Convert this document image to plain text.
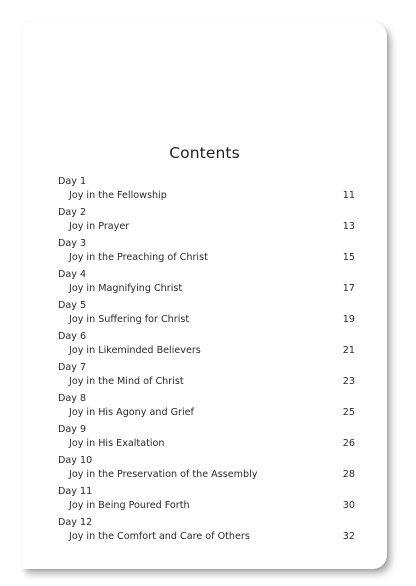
Contents
Day 1
Joy in the Fellowship	11
Day 2
Joy in Prayer	13
Day 3
Joy in the Preaching of Christ	15
Day 4
Joy in Magnifying Christ	17
Day 5
Joy in Suffering for Christ	19
Day 6
Joy in Likeminded Believers	21
Day 7
Joy in the Mind of Christ	23
Day 8
Joy in His Agony and Grief	25
Day 9
Joy in His Exaltation	26
Day 10
Joy in the Preservation of the Assembly	28
Day 11
Joy in Being Poured Forth	30
Day 12
Joy in the Comfort and Care of Others	32
